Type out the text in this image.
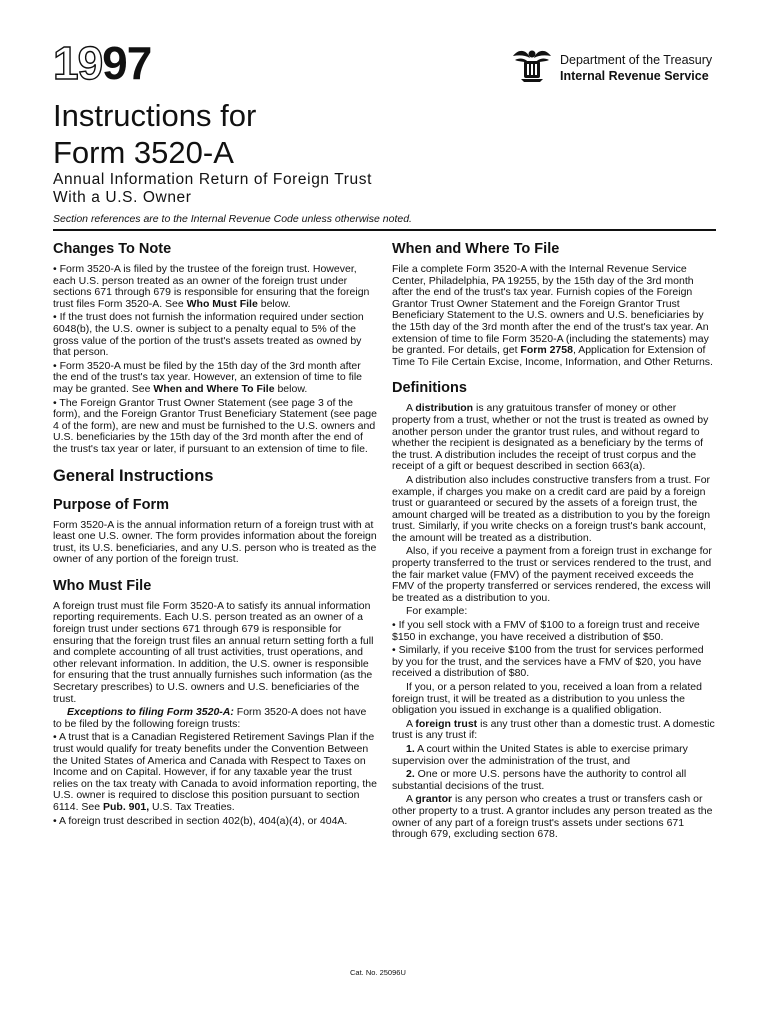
1997	Department of the Treasury
Internal Revenue Service
Instructions for
Form 3520-A
Annual Information Return of Foreign Trust
With a U.S. Owner
Section references are to the Internal Revenue Code unless otherwise noted.
Changes To Note

• Form 3520-A is filed by the trustee of the foreign trust. However, each U.S. person treated as an owner of the foreign trust under sections 671 through 679 is responsible for ensuring that the foreign trust files Form 3520-A. See Who Must File below.

• If the trust does not furnish the information required under section 6048(b), the U.S. owner is subject to a penalty equal to 5% of the gross value of the portion of the trust's assets treated as owned by that person.

• Form 3520-A must be filed by the 15th day of the 3rd month after the end of the trust's tax year. However, an extension of time to file may be granted. See When and Where To File below.

• The Foreign Grantor Trust Owner Statement (see page 3 of the form), and the Foreign Grantor Trust Beneficiary Statement (see page 4 of the form), are new and must be furnished to the U.S. owners and U.S. beneficiaries by the 15th day of the 3rd month after the end of the trust's tax year or later, if pursuant to an extension of time to file.

General Instructions
Purpose of Form

Form 3520-A is the annual information return of a foreign trust with at least one U.S. owner. The form provides information about the foreign trust, its U.S. beneficiaries, and any U.S. person who is treated as the owner of any portion of the foreign trust.

Who Must File

A foreign trust must file Form 3520-A to satisfy its annual information reporting requirements. Each U.S. person treated as an owner of a foreign trust under sections 671 through 679 is responsible for ensuring that the foreign trust files an annual return setting forth a full and complete accounting of all trust activities, trust operations, and other relevant information. In addition, the U.S. owner is responsible for ensuring that the trust annually furnishes such information (as the Secretary prescribes) to U.S. owners and U.S. beneficiaries of the trust.

Exceptions to filing Form 3520-A: Form 3520-A does not have to be filed by the following foreign trusts:

• A trust that is a Canadian Registered Retirement Savings Plan if the trust would qualify for treaty benefits under the Convention Between the United States of America and Canada with Respect to Taxes on Income and on Capital. However, if for any taxable year the trust relies on the tax treaty with Canada to avoid information reporting, the U.S. owner is required to disclose this position pursuant to section 6114. See Pub. 901, U.S. Tax Treaties.

• A foreign trust described in section 402(b), 404(a)(4), or 404A.

When and Where To File

File a complete Form 3520-A with the Internal Revenue Service Center, Philadelphia, PA 19255, by the 15th day of the 3rd month after the end of the trust's tax year. Furnish copies of the Foreign Grantor Trust Owner Statement and the Foreign Grantor Trust Beneficiary Statement to the U.S. owners and U.S. beneficiaries by the 15th day of the 3rd month after the end of the trust's tax year. An extension of time to file Form 3520-A (including the statements) may be granted. For details, get Form 2758, Application for Extension of Time To File Certain Excise, Income, Information, and Other Returns.

Definitions

A distribution is any gratuitous transfer of money or other property from a trust, whether or not the trust is treated as owned by another person under the grantor trust rules, and without regard to whether the recipient is designated as a beneficiary by the terms of the trust. A distribution includes the receipt of trust corpus and the receipt of a gift or bequest described in section 663(a).

A distribution also includes constructive transfers from a trust. For example, if charges you make on a credit card are paid by a foreign trust or guaranteed or secured by the assets of a foreign trust, the amount charged will be treated as a distribution to you by the foreign trust. Similarly, if you write checks on a foreign trust's bank account, the amount will be treated as a distribution.

Also, if you receive a payment from a foreign trust in exchange for property transferred to the trust or services rendered to the trust, and the fair market value (FMV) of the payment received exceeds the FMV of the property transferred or services rendered, the excess will be treated as a distribution to you.

For example:

• If you sell stock with a FMV of $100 to a foreign trust and receive $150 in exchange, you have received a distribution of $50.

• Similarly, if you receive $100 from the trust for services performed by you for the trust, and the services have a FMV of $20, you have received a distribution of $80.

If you, or a person related to you, received a loan from a related foreign trust, it will be treated as a distribution to you unless the obligation you issued in exchange is a qualified obligation.

A foreign trust is any trust other than a domestic trust. A domestic trust is any trust if:

1. A court within the United States is able to exercise primary supervision over the administration of the trust, and

2. One or more U.S. persons have the authority to control all substantial decisions of the trust.

A grantor is any person who creates a trust or transfers cash or other property to a trust. A grantor includes any person treated as the owner of any part of a foreign trust's assets under sections 671 through 679, excluding section 678.

Cat. No. 25096U
